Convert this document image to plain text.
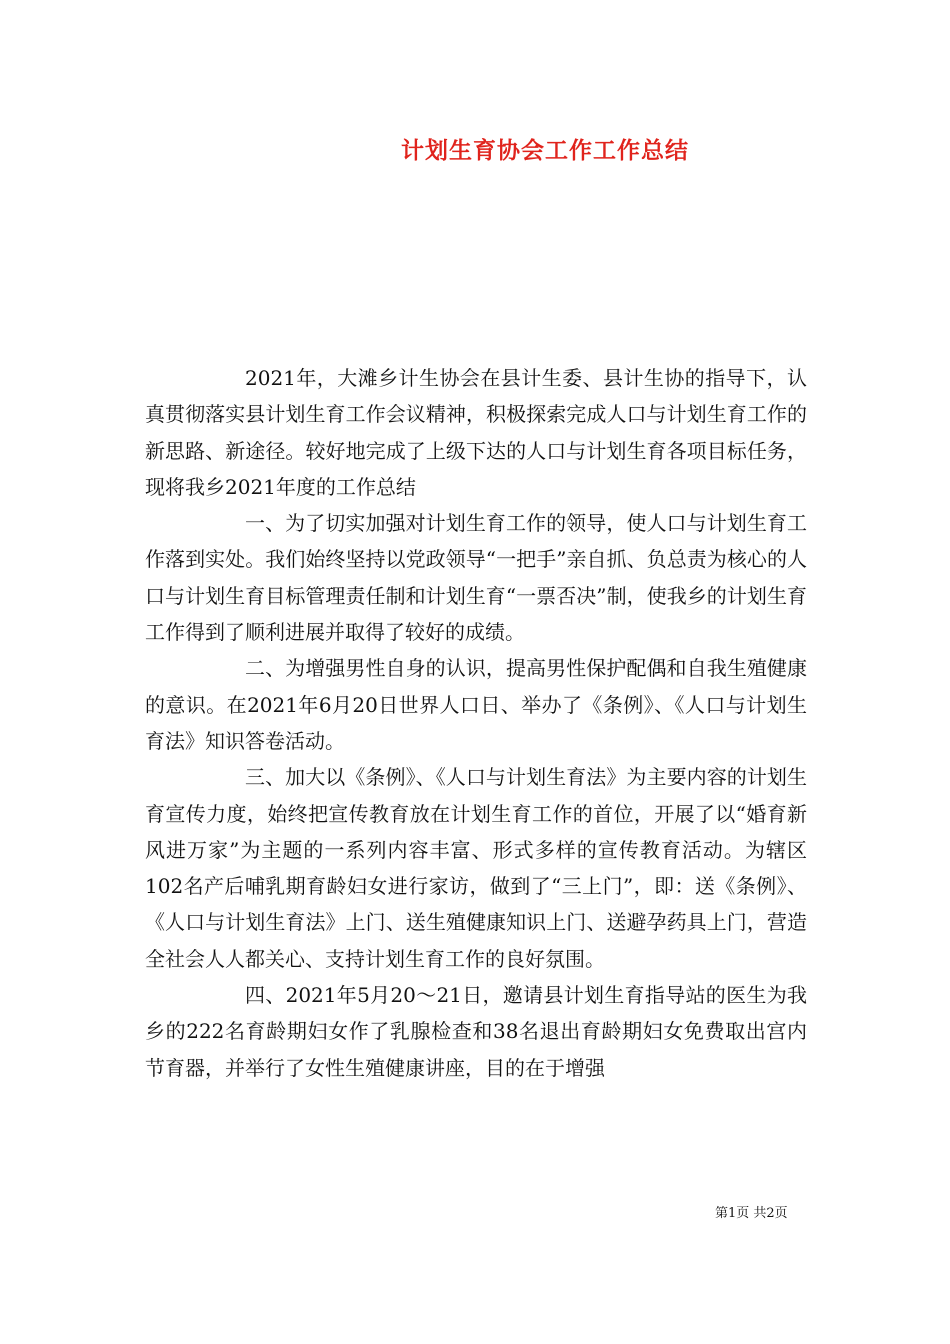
计划生育协会工作工作总结

2021年，大滩乡计生协会在县计生委、县计生协的指导下，认真贯彻落实县计划生育工作会议精神，积极探索完成人口与计划生育工作的新思路、新途径。较好地完成了上级下达的人口与计划生育各项目标任务，现将我乡2021年度的工作总结

一、为了切实加强对计划生育工作的领导，使人口与计划生育工作落到实处。我们始终坚持以党政领导“一把手”亲自抓、负总责为核心的人口与计划生育目标管理责任制和计划生育“一票否决”制，使我乡的计划生育工作得到了顺利进展并取得了较好的成绩。

二、为增强男性自身的认识，提高男性保护配偶和自我生殖健康的意识。在2021年6月20日世界人口日、举办了《条例》、《人口与计划生育法》知识答卷活动。

三、加大以《条例》、《人口与计划生育法》为主要内容的计划生育宣传力度，始终把宣传教育放在计划生育工作的首位，开展了以“婚育新风进万家”为主题的一系列内容丰富、形式多样的宣传教育活动。为辖区102名产后哺乳期育龄妇女进行家访，做到了“三上门”，即：送《条例》、《人口与计划生育法》上门、送生殖健康知识上门、送避孕药具上门，营造全社会人人都关心、支持计划生育工作的良好氛围。

四、2021年5月20～21日，邀请县计划生育指导站的医生为我乡的222名育龄期妇女作了乳腺检查和38名退出育龄期妇女免费取出宫内节育器，并举行了女性生殖健康讲座，目的在于增强

第1页 共2页
